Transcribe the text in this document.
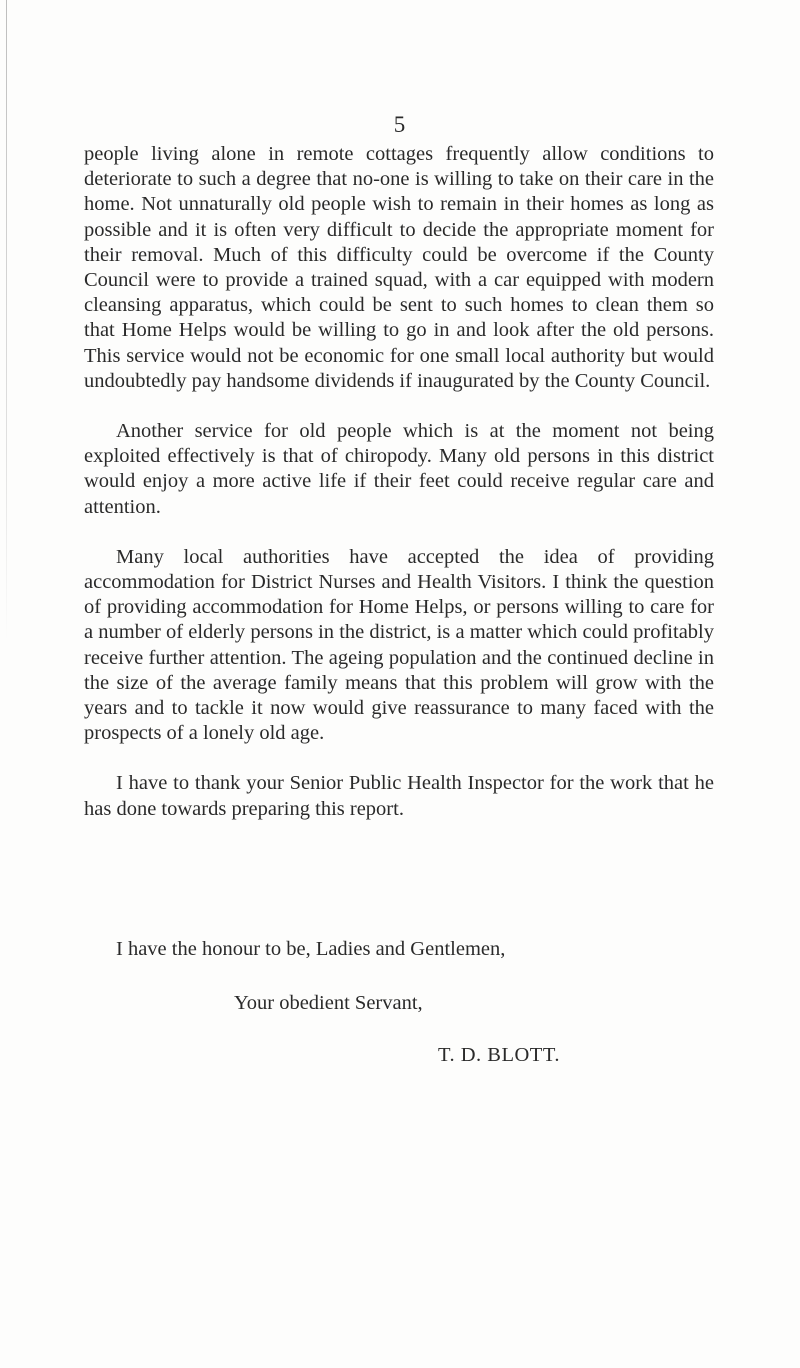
5

people living alone in remote cottages frequently allow conditions to deteriorate to such a degree that no-one is willing to take on their care in the home. Not unnaturally old people wish to remain in their homes as long as possible and it is often very difficult to decide the appropriate moment for their removal. Much of this difficulty could be overcome if the County Council were to provide a trained squad, with a car equipped with modern cleansing apparatus, which could be sent to such homes to clean them so that Home Helps would be willing to go in and look after the old persons. This service would not be economic for one small local authority but would undoubtedly pay handsome dividends if inaugurated by the County Council.

Another service for old people which is at the moment not being exploited effectively is that of chiropody. Many old persons in this district would enjoy a more active life if their feet could receive regular care and attention.

Many local authorities have accepted the idea of providing accommodation for District Nurses and Health Visitors. I think the question of providing accommodation for Home Helps, or persons willing to care for a number of elderly persons in the district, is a matter which could profitably receive further attention. The ageing population and the continued decline in the size of the average family means that this problem will grow with the years and to tackle it now would give reassurance to many faced with the prospects of a lonely old age.

I have to thank your Senior Public Health Inspector for the work that he has done towards preparing this report.

I have the honour to be, Ladies and Gentlemen,
Your obedient Servant,
T. D. BLOTT.
